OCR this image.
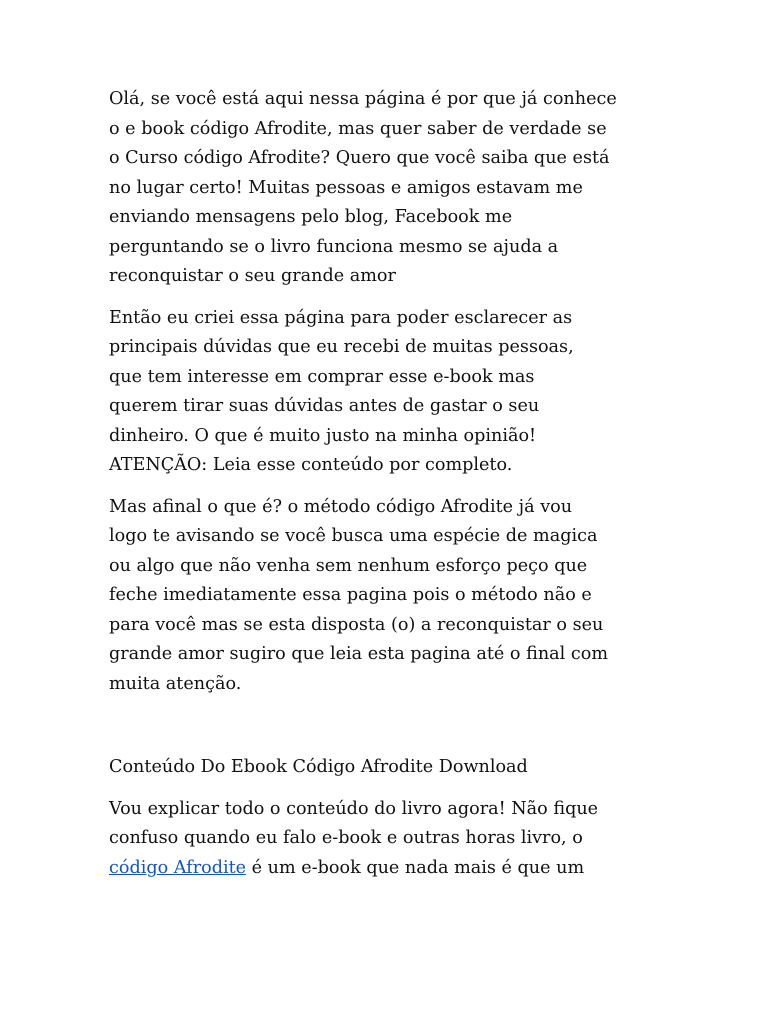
Olá, se você está aqui nessa página é por que já conhece
o e book código Afrodite, mas quer saber de verdade se
o Curso código Afrodite? Quero que você saiba que está
no lugar certo! Muitas pessoas e amigos estavam me
enviando mensagens pelo blog, Facebook me
perguntando se o livro funciona mesmo se ajuda a
reconquistar o seu grande amor

Então eu criei essa página para poder esclarecer as
principais dúvidas que eu recebi de muitas pessoas,
que tem interesse em comprar esse e-book mas
querem tirar suas dúvidas antes de gastar o seu
dinheiro. O que é muito justo na minha opinião!
ATENÇÃO: Leia esse conteúdo por completo.

Mas afinal o que é? o método código Afrodite já vou
logo te avisando se você busca uma espécie de magica
ou algo que não venha sem nenhum esforço peço que
feche imediatamente essa pagina pois o método não e
para você mas se esta disposta (o) a reconquistar o seu
grande amor sugiro que leia esta pagina até o final com
muita atenção.

Conteúdo Do Ebook Código Afrodite Download

Vou explicar todo o conteúdo do livro agora! Não fique
confuso quando eu falo e-book e outras horas livro, o
código Afrodite é um e-book que nada mais é que um
